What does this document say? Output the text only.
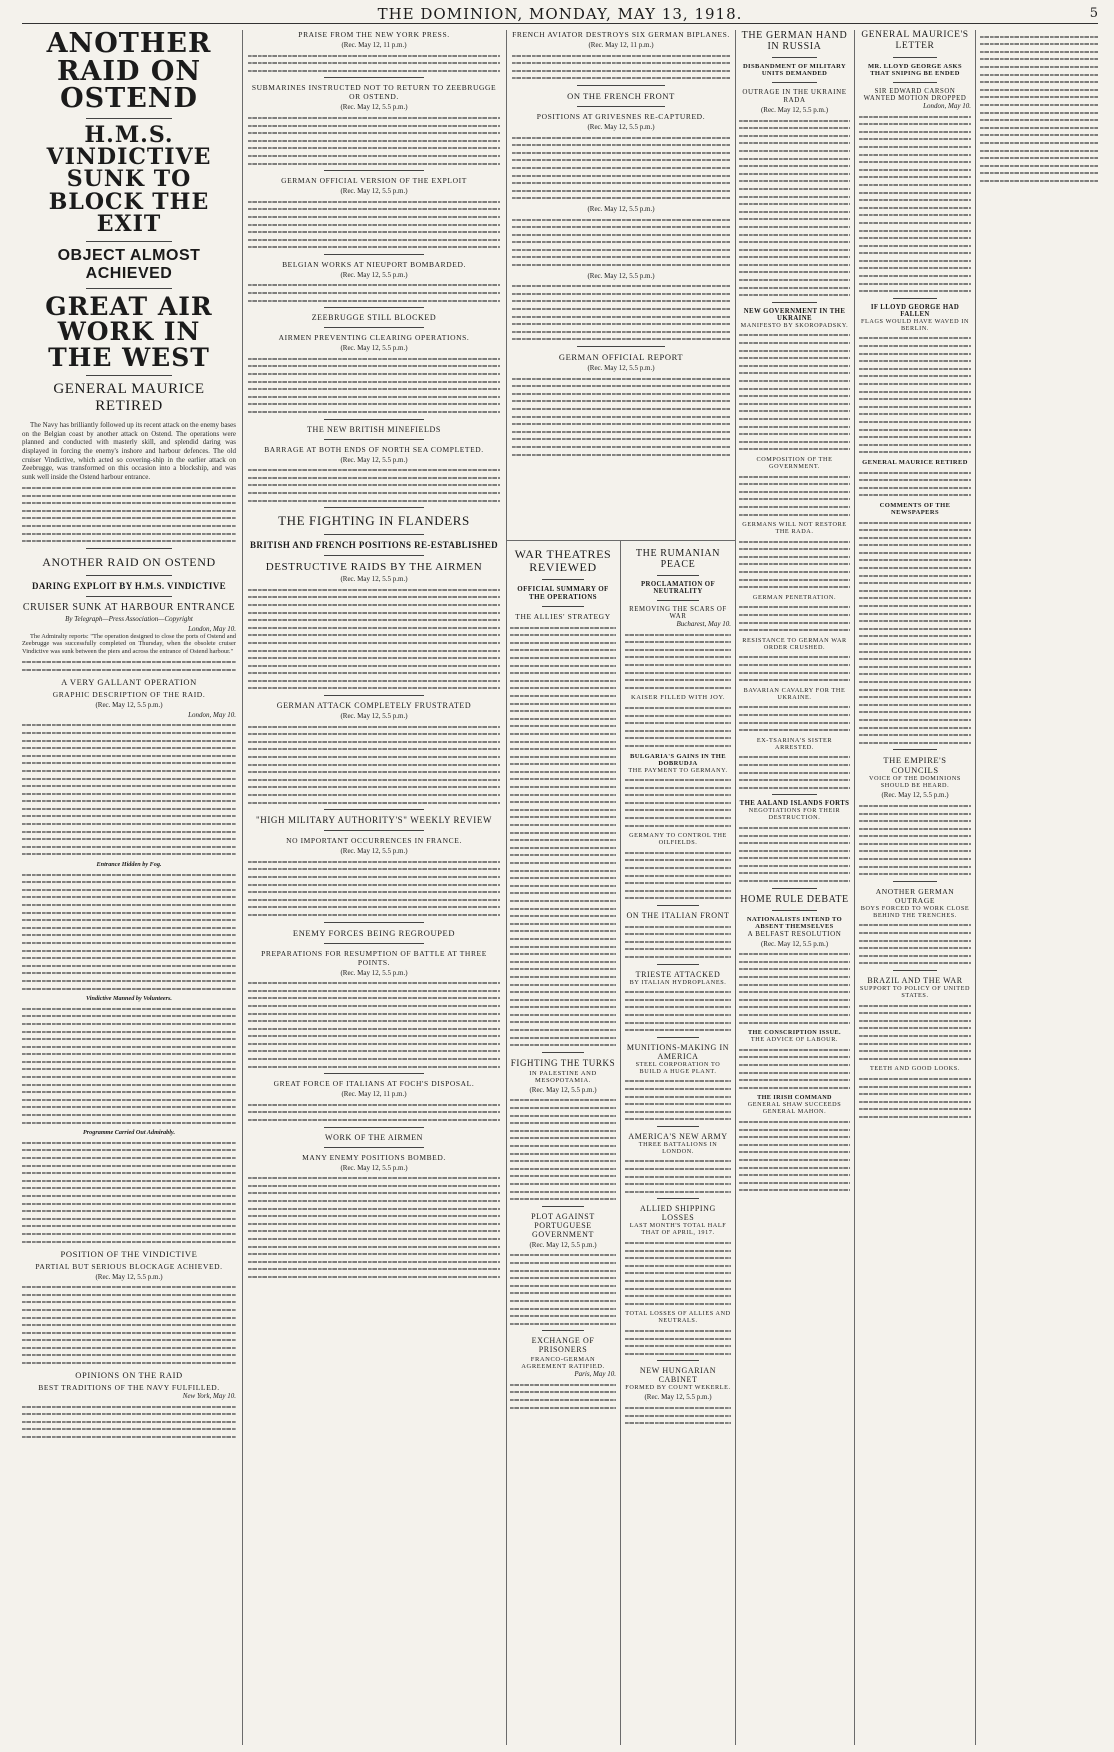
THE DOMINION, MONDAY, MAY 13, 1918.	5
ANOTHER RAID ON OSTEND
H.M.S. VINDICTIVE SUNK TO BLOCK THE EXIT
OBJECT ALMOST ACHIEVED
GREAT AIR WORK IN THE WEST
GENERAL MAURICE RETIRED
The Navy has brilliantly followed up its recent attack on the enemy bases on the Belgian coast by another attack on Ostend. The operations were planned and conducted with masterly skill, and splendid daring was displayed in forcing the enemy's inshore and harbour defences. The old cruiser Vindictive, which acted so covering-ship in the earlier attack on Zeebrugge, was transformed on this occasion into a blockship, and was sunk well inside the Ostend harbour entrance.
ANOTHER RAID ON OSTEND
DARING EXPLOIT BY H.M.S. VINDICTIVE
CRUISER SUNK AT HARBOUR ENTRANCE
By Telegraph—Press Association—Copyright
London, May 10.
The Admiralty reports: "The operation designed to close the ports of Ostend and Zeebrugge was successfully completed on Thursday, when the obsolete cruiser Vindictive was sunk between the piers and across the entrance of Ostend harbour."
A VERY GALLANT OPERATION
GRAPHIC DESCRIPTION OF THE RAID.
(Rec. May 12, 5.5 p.m.)
London, May 10.
Entrance Hidden by Fog.
Vindictive Manned by Volunteers.
Programme Carried Out Admirably.
POSITION OF THE VINDICTIVE
PARTIAL BUT SERIOUS BLOCKAGE ACHIEVED.
(Rec. May 12, 5.5 p.m.)
OPINIONS ON THE RAID
BEST TRADITIONS OF THE NAVY FULFILLED.
New York, May 10.
PRAISE FROM THE NEW YORK PRESS.
(Rec. May 12, 11 p.m.)
SUBMARINES INSTRUCTED NOT TO RETURN TO ZEEBRUGGE OR OSTEND.
(Rec. May 12, 5.5 p.m.)
GERMAN OFFICIAL VERSION OF THE EXPLOIT
(Rec. May 12, 5.5 p.m.)
BELGIAN WORKS AT NIEUPORT BOMBARDED.
(Rec. May 12, 5.5 p.m.)
ZEEBRUGGE STILL BLOCKED
AIRMEN PREVENTING CLEARING OPERATIONS.
(Rec. May 12, 5.5 p.m.)
THE NEW BRITISH MINEFIELDS
BARRAGE AT BOTH ENDS OF NORTH SEA COMPLETED.
(Rec. May 12, 5.5 p.m.)
THE FIGHTING IN FLANDERS
BRITISH AND FRENCH POSITIONS RE-ESTABLISHED
DESTRUCTIVE RAIDS BY THE AIRMEN
(Rec. May 12, 5.5 p.m.)
GERMAN ATTACK COMPLETELY FRUSTRATED
(Rec. May 12, 5.5 p.m.)
"HIGH MILITARY AUTHORITY'S" WEEKLY REVIEW
NO IMPORTANT OCCURRENCES IN FRANCE.
(Rec. May 12, 5.5 p.m.)
ENEMY FORCES BEING REGROUPED
PREPARATIONS FOR RESUMPTION OF BATTLE AT THREE POINTS.
(Rec. May 12, 5.5 p.m.)
GREAT FORCE OF ITALIANS AT FOCH'S DISPOSAL.
(Rec. May 12, 11 p.m.)
WORK OF THE AIRMEN
MANY ENEMY POSITIONS BOMBED.
(Rec. May 12, 5.5 p.m.)
FRENCH AVIATOR DESTROYS SIX GERMAN BIPLANES.
(Rec. May 12, 11 p.m.)
ON THE FRENCH FRONT
POSITIONS AT GRIVESNES RE-CAPTURED.
(Rec. May 12, 5.5 p.m.)
(Rec. May 12, 5.5 p.m.)
(Rec. May 12, 5.5 p.m.)
GERMAN OFFICIAL REPORT
(Rec. May 12, 5.5 p.m.)
WAR THEATRES REVIEWED
OFFICIAL SUMMARY OF THE OPERATIONS
THE ALLIES' STRATEGY
FIGHTING THE TURKS
IN PALESTINE AND MESOPOTAMIA.
(Rec. May 12, 5.5 p.m.)
PLOT AGAINST PORTUGUESE GOVERNMENT
(Rec. May 12, 5.5 p.m.)
EXCHANGE OF PRISONERS
FRANCO-GERMAN AGREEMENT RATIFIED.
Paris, May 10.
THE RUMANIAN PEACE
PROCLAMATION OF NEUTRALITY
REMOVING THE SCARS OF WAR
Bucharest, May 10.
KAISER FILLED WITH JOY.
BULGARIA'S GAINS IN THE DOBRUDJA
THE PAYMENT TO GERMANY.
GERMANY TO CONTROL THE OILFIELDS.
ON THE ITALIAN FRONT
TRIESTE ATTACKED
BY ITALIAN HYDROPLANES.
MUNITIONS-MAKING IN AMERICA
STEEL CORPORATION TO BUILD A HUGE PLANT.
AMERICA'S NEW ARMY
THREE BATTALIONS IN LONDON.
ALLIED SHIPPING LOSSES
LAST MONTH'S TOTAL HALF THAT OF APRIL, 1917.
TOTAL LOSSES OF ALLIES AND NEUTRALS.
NEW HUNGARIAN CABINET
FORMED BY COUNT WEKERLE.
(Rec. May 12, 5.5 p.m.)
THE GERMAN HAND IN RUSSIA
DISBANDMENT OF MILITARY UNITS DEMANDED
OUTRAGE IN THE UKRAINE RADA
(Rec. May 12, 5.5 p.m.)
NEW GOVERNMENT IN THE UKRAINE
MANIFESTO BY SKOROPADSKY.
COMPOSITION OF THE GOVERNMENT.
GERMANS WILL NOT RESTORE THE RADA.
GERMAN PENETRATION.
RESISTANCE TO GERMAN WAR ORDER CRUSHED.
BAVARIAN CAVALRY FOR THE UKRAINE.
EX-TSARINA'S SISTER ARRESTED.
THE AALAND ISLANDS FORTS
NEGOTIATIONS FOR THEIR DESTRUCTION.
HOME RULE DEBATE
NATIONALISTS INTEND TO ABSENT THEMSELVES
A BELFAST RESOLUTION
(Rec. May 12, 5.5 p.m.)
THE CONSCRIPTION ISSUE.
THE ADVICE OF LABOUR.
THE IRISH COMMAND
GENERAL SHAW SUCCEEDS GENERAL MAHON.
GENERAL MAURICE'S LETTER
MR. LLOYD GEORGE ASKS THAT SNIPING BE ENDED
SIR EDWARD CARSON WANTED MOTION DROPPED
London, May 10.
IF LLOYD GEORGE HAD FALLEN
FLAGS WOULD HAVE WAVED IN BERLIN.
GENERAL MAURICE RETIRED
COMMENTS OF THE NEWSPAPERS
THE EMPIRE'S COUNCILS
VOICE OF THE DOMINIONS SHOULD BE HEARD.
(Rec. May 12, 5.5 p.m.)
ANOTHER GERMAN OUTRAGE
BOYS FORCED TO WORK CLOSE BEHIND THE TRENCHES.
BRAZIL AND THE WAR
SUPPORT TO POLICY OF UNITED STATES.
TEETH AND GOOD LOOKS.
